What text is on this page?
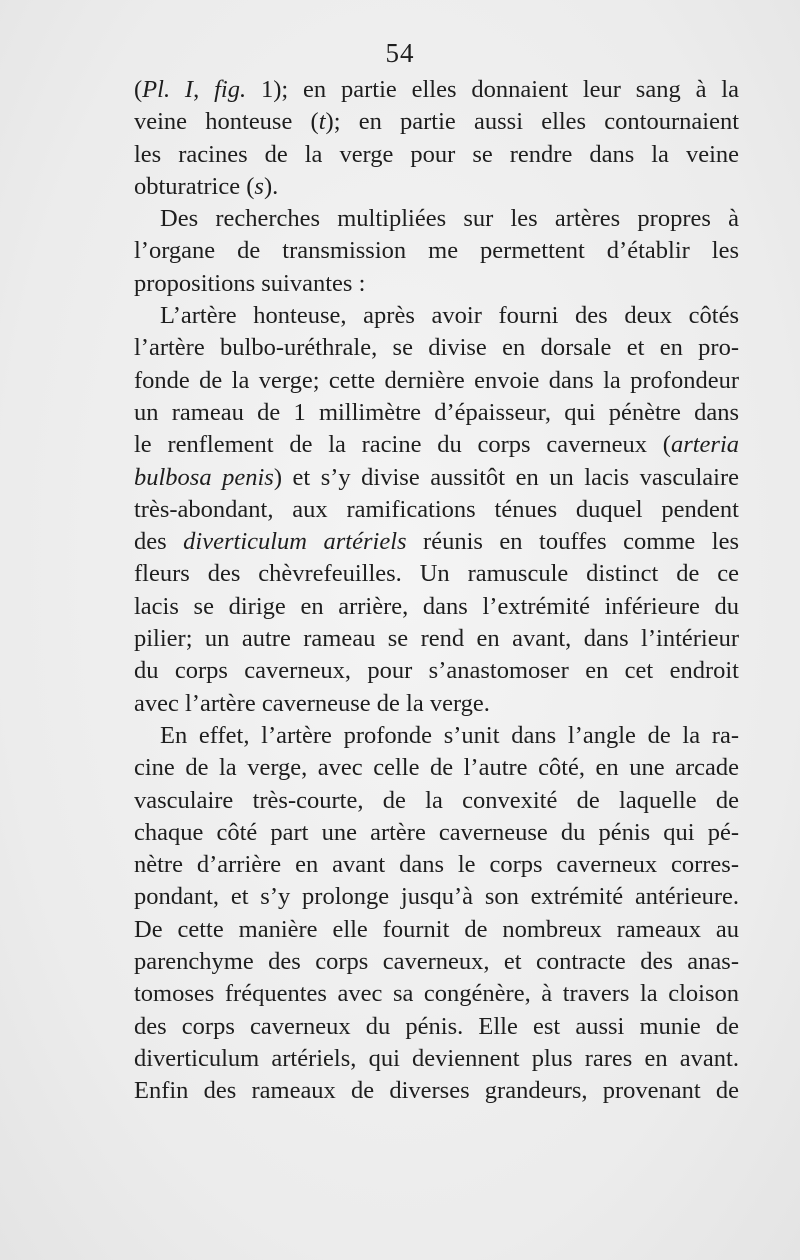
54
(Pl. I, fig. 1); en partie elles donnaient leur sang à la
veine honteuse (t); en partie aussi elles contournaient
les racines de la verge pour se rendre dans la veine
obturatrice (s).
Des recherches multipliées sur les artères propres à
l’organe de transmission me permettent d’établir les
propositions suivantes :
L’artère honteuse, après avoir fourni des deux côtés
l’artère bulbo-uréthrale, se divise en dorsale et en pro-
fonde de la verge; cette dernière envoie dans la profondeur
un rameau de 1 millimètre d’épaisseur, qui pénètre dans
le renflement de la racine du corps caverneux (arteria
bulbosa penis) et s’y divise aussitôt en un lacis vasculaire
très-abondant, aux ramifications ténues duquel pendent
des diverticulum artériels réunis en touffes comme les
fleurs des chèvrefeuilles. Un ramuscule distinct de ce
lacis se dirige en arrière, dans l’extrémité inférieure du
pilier; un autre rameau se rend en avant, dans l’intérieur
du corps caverneux, pour s’anastomoser en cet endroit
avec l’artère caverneuse de la verge.
En effet, l’artère profonde s’unit dans l’angle de la ra-
cine de la verge, avec celle de l’autre côté, en une arcade
vasculaire très-courte, de la convexité de laquelle de
chaque côté part une artère caverneuse du pénis qui pé-
nètre d’arrière en avant dans le corps caverneux corres-
pondant, et s’y prolonge jusqu’à son extrémité antérieure.
De cette manière elle fournit de nombreux rameaux au
parenchyme des corps caverneux, et contracte des anas-
tomoses fréquentes avec sa congénère, à travers la cloison
des corps caverneux du pénis. Elle est aussi munie de
diverticulum artériels, qui deviennent plus rares en avant.
Enfin des rameaux de diverses grandeurs, provenant de
